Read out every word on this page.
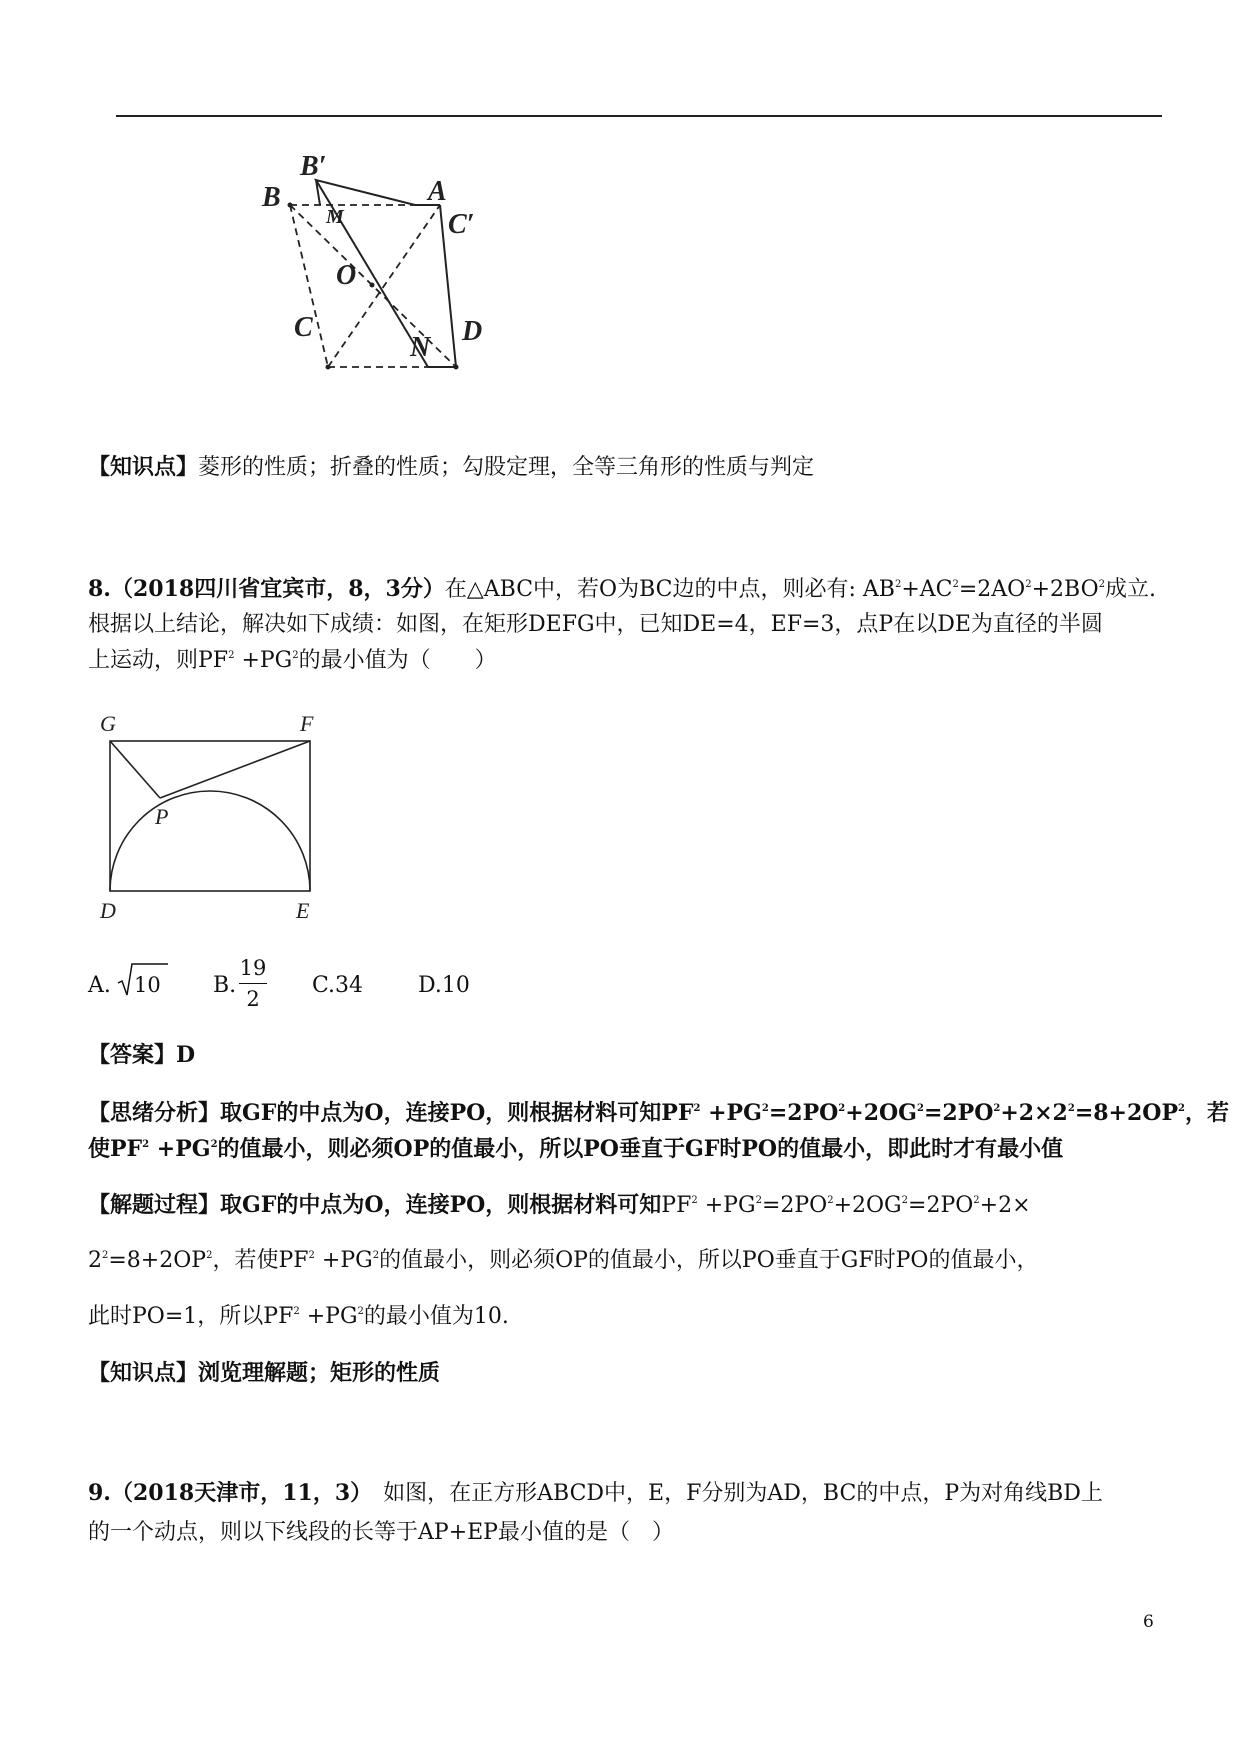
B′
B	A
C′
O
C
N
D
M
【知识点】菱形的性质；折叠的性质；勾股定理，全等三角形的性质与判定
8.（2018四川省宜宾市，8，3分）在△ABC中，若O为BC边的中点，则必有: $AB^2+AC^2=2AO^2+2BO^2$成立.
根据以上结论，解决如下成绩：如图，在矩形DEFG中，已知DE=4，EF=3，点P在以DE为直径的半圆
上运动，则$PF^2 +PG^2$的最小值为（　　）
G	F
P
D	E
A. 10 B.
19
2
C.34 D.10
【答案】D
【思绪分析】取GF的中点为O，连接PO，则根据材料可知$PF^2 +PG^2=2PO^2+2OG^2=2PO^2+2\times 2^2=8+2OP^2$，若
使$PF^2 +PG^2$的值最小，则必须OP的值最小，所以PO垂直于GF时PO的值最小，即此时才有最小值
【解题过程】取GF的中点为O，连接PO，则根据材料可知$PF^2 +PG^2=2PO^2+2OG^2=2PO^2+2\times$
$2^2=8+2OP^2$，若使$PF^2 +PG^2$的值最小，则必须OP的值最小，所以PO垂直于GF时PO的值最小，
此时PO=1，所以$PF^2 +PG^2$的最小值为10.
【知识点】浏览理解题；矩形的性质
9.（2018天津市，11，3）　如图，在正方形ABCD中，E，F分别为AD，BC的中点，P为对角线BD上
的一个动点，则以下线段的长等于AP+EP最小值的是（　）
6
